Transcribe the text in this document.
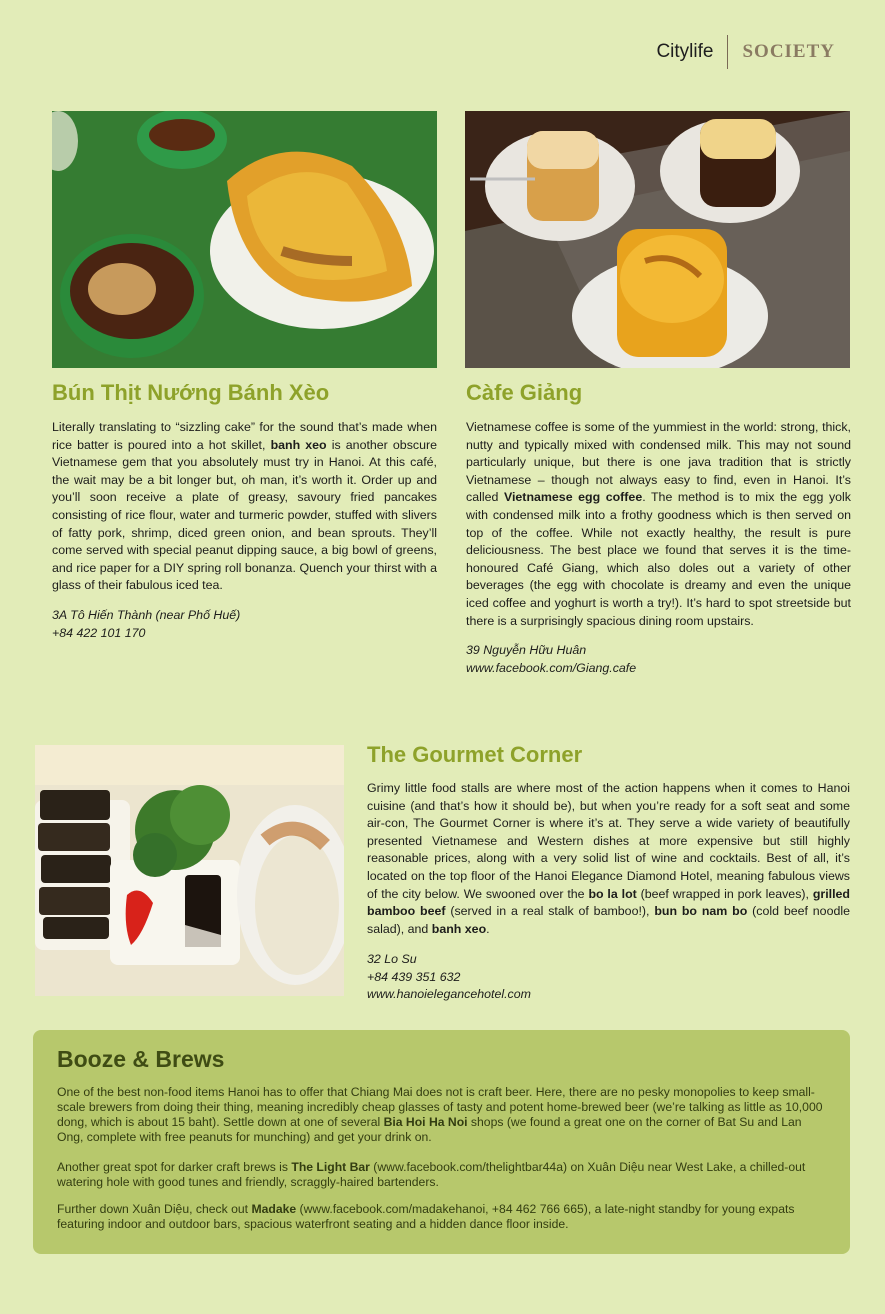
Citylife	SOCIETY
Bún Thịt Nướng Bánh Xèo

Literally translating to “sizzling cake” for the sound that’s made when rice batter is poured into a hot skillet, banh xeo is another obscure Vietnamese gem that you absolutely must try in Hanoi. At this café, the wait may be a bit longer but, oh man, it’s worth it. Order up and you’ll soon receive a plate of greasy, savoury fried pancakes consisting of rice flour, water and turmeric powder, stuffed with slivers of fatty pork, shrimp, diced green onion, and bean sprouts. They’ll come served with special peanut dipping sauce, a big bowl of greens, and rice paper for a DIY spring roll bonanza. Quench your thirst with a glass of their fabulous iced tea.

3A Tô Hiến Thành (near Phố Huế)
+84 422 101 170
Càfe Giảng

Vietnamese coffee is some of the yummiest in the world: strong, thick, nutty and typically mixed with condensed milk. This may not sound particularly unique, but there is one java tradition that is strictly Vietnamese – though not always easy to find, even in Hanoi. It’s called Vietnamese egg coffee. The method is to mix the egg yolk with condensed milk into a frothy goodness which is then served on top of the coffee. While not exactly healthy, the result is pure deliciousness. The best place we found that serves it is the time-honoured Café Giang, which also doles out a variety of other beverages (the egg with chocolate is dreamy and even the unique iced coffee and yoghurt is worth a try!). It’s hard to spot streetside but there is a surprisingly spacious dining room upstairs.

39 Nguyễn Hữu Huân
www.facebook.com/Giang.cafe
The Gourmet Corner

Grimy little food stalls are where most of the action happens when it comes to Hanoi cuisine (and that’s how it should be), but when you’re ready for a soft seat and some air-con, The Gourmet Corner is where it’s at. They serve a wide variety of beautifully presented Vietnamese and Western dishes at more expensive but still highly reasonable prices, along with a very solid list of wine and cocktails. Best of all, it’s located on the top floor of the Hanoi Elegance Diamond Hotel, meaning fabulous views of the city below. We swooned over the bo la lot (beef wrapped in pork leaves), grilled bamboo beef (served in a real stalk of bamboo!), bun bo nam bo (cold beef noodle salad), and banh xeo.

32 Lo Su
+84 439 351 632
www.hanoielegancehotel.com
Booze & Brews

One of the best non-food items Hanoi has to offer that Chiang Mai does not is craft beer. Here, there are no pesky monopolies to keep small-scale brewers from doing their thing, meaning incredibly cheap glasses of tasty and potent home-brewed beer (we’re talking as little as 10,000 dong, which is about 15 baht). Settle down at one of several Bia Hoi Ha Noi shops (we found a great one on the corner of Bat Su and Lan Ong, complete with free peanuts for munching) and get your drink on.

Another great spot for darker craft brews is The Light Bar (www.facebook.com/thelightbar44a) on Xuân Diệu near West Lake, a chilled-out watering hole with good tunes and friendly, scraggly-haired bartenders.

Further down Xuân Diệu, check out Madake (www.facebook.com/madakehanoi, +84 462 766 665), a late-night standby for young expats featuring indoor and outdoor bars, spacious waterfront seating and a hidden dance floor inside.
